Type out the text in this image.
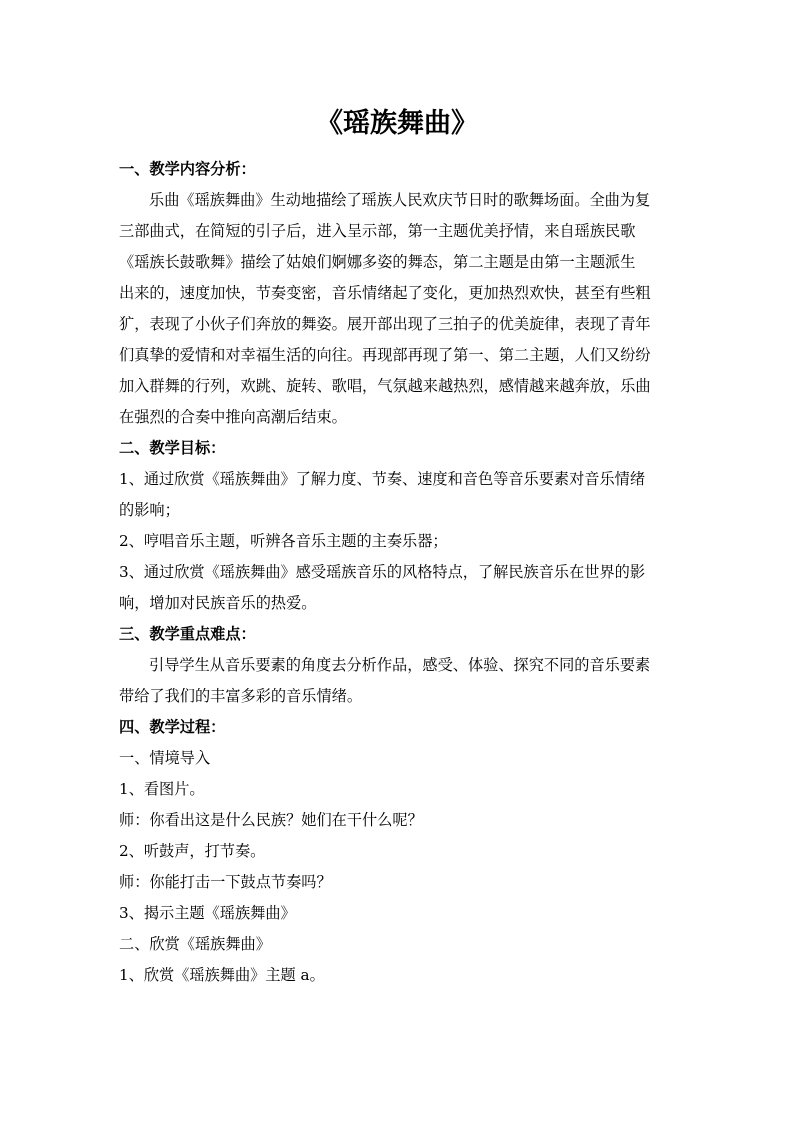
《瑶族舞曲》
一、教学内容分析：
乐曲《瑶族舞曲》生动地描绘了瑶族人民欢庆节日时的歌舞场面。全曲为复
三部曲式，在简短的引子后，进入呈示部，第一主题优美抒情，来自瑶族民歌
《瑶族长鼓歌舞》描绘了姑娘们婀娜多姿的舞态，第二主题是由第一主题派生
出来的，速度加快，节奏变密，音乐情绪起了变化，更加热烈欢快，甚至有些粗
犷，表现了小伙子们奔放的舞姿。展开部出现了三拍子的优美旋律，表现了青年
们真挚的爱情和对幸福生活的向往。再现部再现了第一、第二主题，人们又纷纷
加入群舞的行列，欢跳、旋转、歌唱，气氛越来越热烈，感情越来越奔放，乐曲
在强烈的合奏中推向高潮后结束。
二、教学目标：
1、通过欣赏《瑶族舞曲》了解力度、节奏、速度和音色等音乐要素对音乐情绪
的影响；
2、哼唱音乐主题，听辨各音乐主题的主奏乐器；
3、通过欣赏《瑶族舞曲》感受瑶族音乐的风格特点，了解民族音乐在世界的影
响，增加对民族音乐的热爱。
三、教学重点难点：
引导学生从音乐要素的角度去分析作品，感受、体验、探究不同的音乐要素
带给了我们的丰富多彩的音乐情绪。
四、教学过程：
一、情境导入
1、看图片。
师：你看出这是什么民族？她们在干什么呢？
2、听鼓声，打节奏。
师：你能打击一下鼓点节奏吗？
3、揭示主题《瑶族舞曲》
二、欣赏《瑶族舞曲》
1、欣赏《瑶族舞曲》主题 a。
